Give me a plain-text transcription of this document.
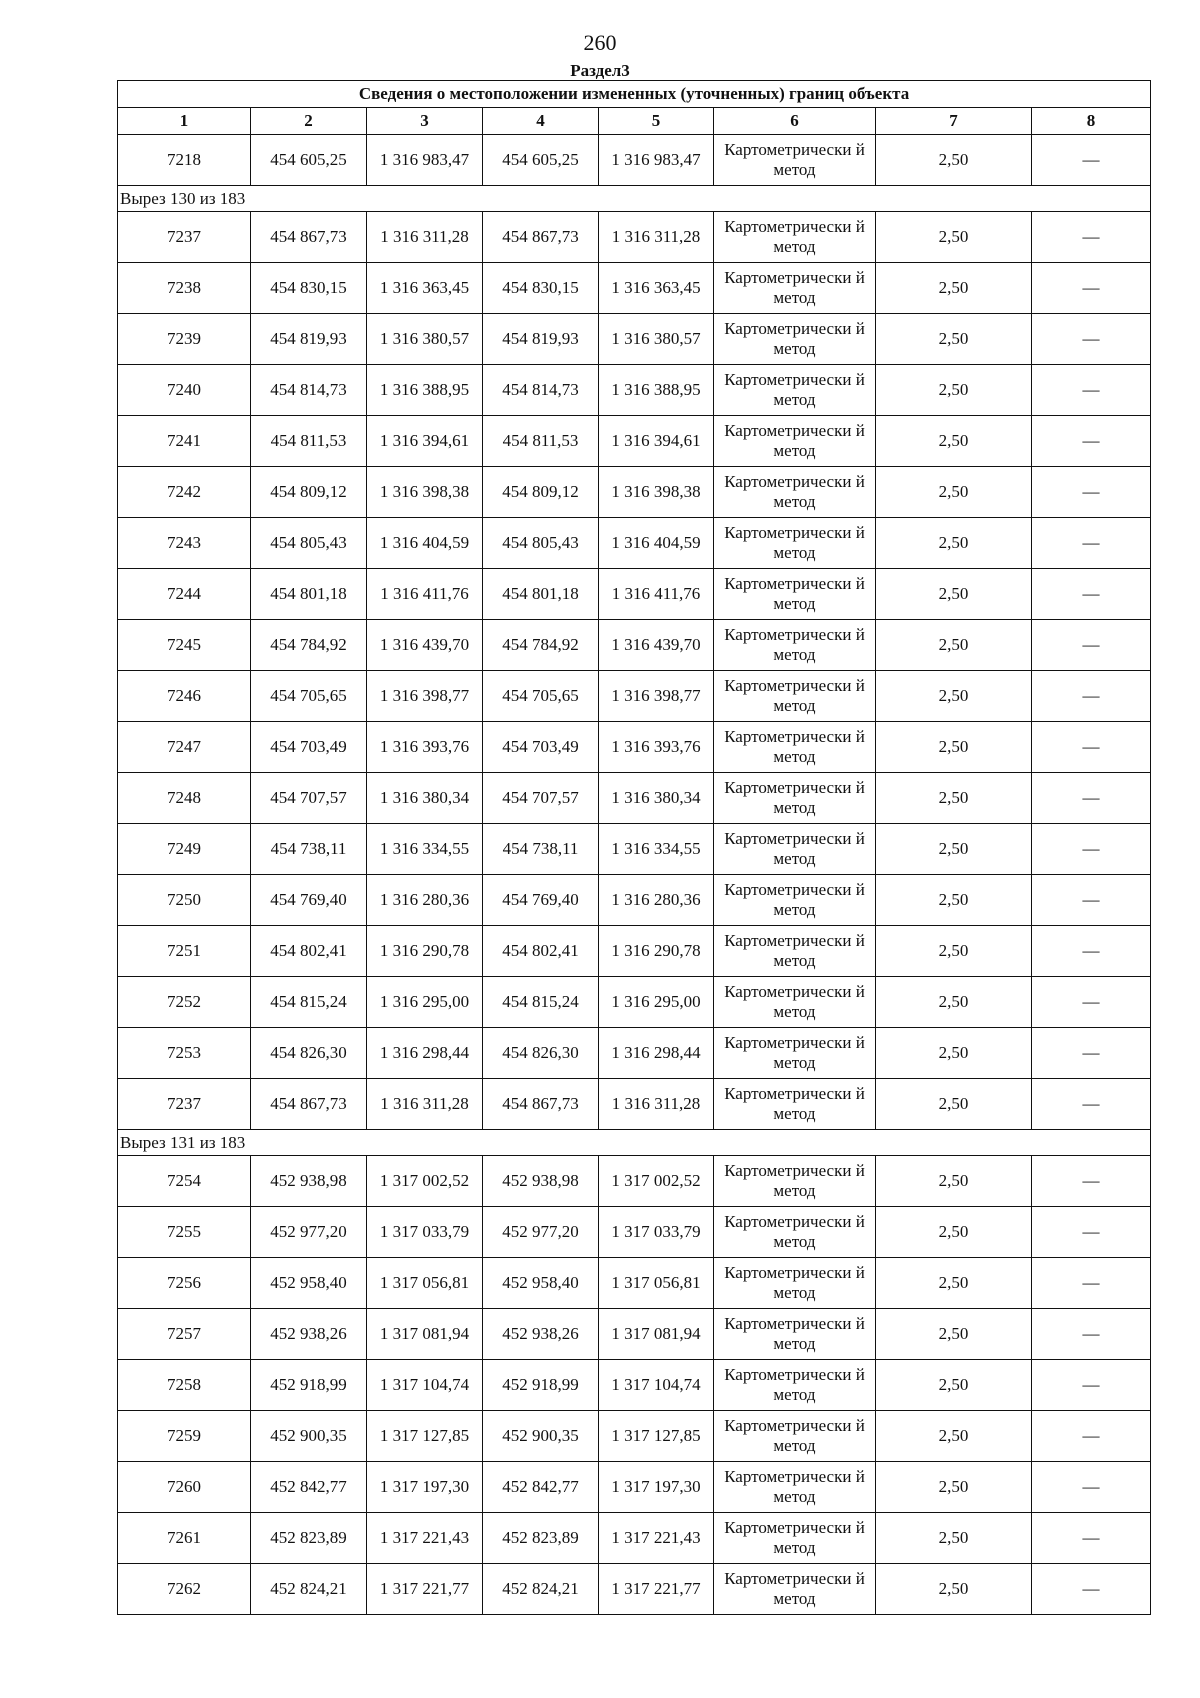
260
Раздел3
Сведения о местоположении измененных (уточненных) границ объекта							
1	2	3	4	5	6	7	8
7218	454 605,25	1 316 983,47	454 605,25	1 316 983,47	Картометрически й метод	2,50	—
Вырез 130 из 183							
7237	454 867,73	1 316 311,28	454 867,73	1 316 311,28	Картометрически й метод	2,50	—
7238	454 830,15	1 316 363,45	454 830,15	1 316 363,45	Картометрически й метод	2,50	—
7239	454 819,93	1 316 380,57	454 819,93	1 316 380,57	Картометрически й метод	2,50	—
7240	454 814,73	1 316 388,95	454 814,73	1 316 388,95	Картометрически й метод	2,50	—
7241	454 811,53	1 316 394,61	454 811,53	1 316 394,61	Картометрически й метод	2,50	—
7242	454 809,12	1 316 398,38	454 809,12	1 316 398,38	Картометрически й метод	2,50	—
7243	454 805,43	1 316 404,59	454 805,43	1 316 404,59	Картометрически й метод	2,50	—
7244	454 801,18	1 316 411,76	454 801,18	1 316 411,76	Картометрически й метод	2,50	—
7245	454 784,92	1 316 439,70	454 784,92	1 316 439,70	Картометрически й метод	2,50	—
7246	454 705,65	1 316 398,77	454 705,65	1 316 398,77	Картометрически й метод	2,50	—
7247	454 703,49	1 316 393,76	454 703,49	1 316 393,76	Картометрически й метод	2,50	—
7248	454 707,57	1 316 380,34	454 707,57	1 316 380,34	Картометрически й метод	2,50	—
7249	454 738,11	1 316 334,55	454 738,11	1 316 334,55	Картометрически й метод	2,50	—
7250	454 769,40	1 316 280,36	454 769,40	1 316 280,36	Картометрически й метод	2,50	—
7251	454 802,41	1 316 290,78	454 802,41	1 316 290,78	Картометрически й метод	2,50	—
7252	454 815,24	1 316 295,00	454 815,24	1 316 295,00	Картометрически й метод	2,50	—
7253	454 826,30	1 316 298,44	454 826,30	1 316 298,44	Картометрически й метод	2,50	—
7237	454 867,73	1 316 311,28	454 867,73	1 316 311,28	Картометрически й метод	2,50	—
Вырез 131 из 183							
7254	452 938,98	1 317 002,52	452 938,98	1 317 002,52	Картометрически й метод	2,50	—
7255	452 977,20	1 317 033,79	452 977,20	1 317 033,79	Картометрически й метод	2,50	—
7256	452 958,40	1 317 056,81	452 958,40	1 317 056,81	Картометрически й метод	2,50	—
7257	452 938,26	1 317 081,94	452 938,26	1 317 081,94	Картометрически й метод	2,50	—
7258	452 918,99	1 317 104,74	452 918,99	1 317 104,74	Картометрически й метод	2,50	—
7259	452 900,35	1 317 127,85	452 900,35	1 317 127,85	Картометрически й метод	2,50	—
7260	452 842,77	1 317 197,30	452 842,77	1 317 197,30	Картометрически й метод	2,50	—
7261	452 823,89	1 317 221,43	452 823,89	1 317 221,43	Картометрически й метод	2,50	—
7262	452 824,21	1 317 221,77	452 824,21	1 317 221,77	Картометрически й метод	2,50	—
